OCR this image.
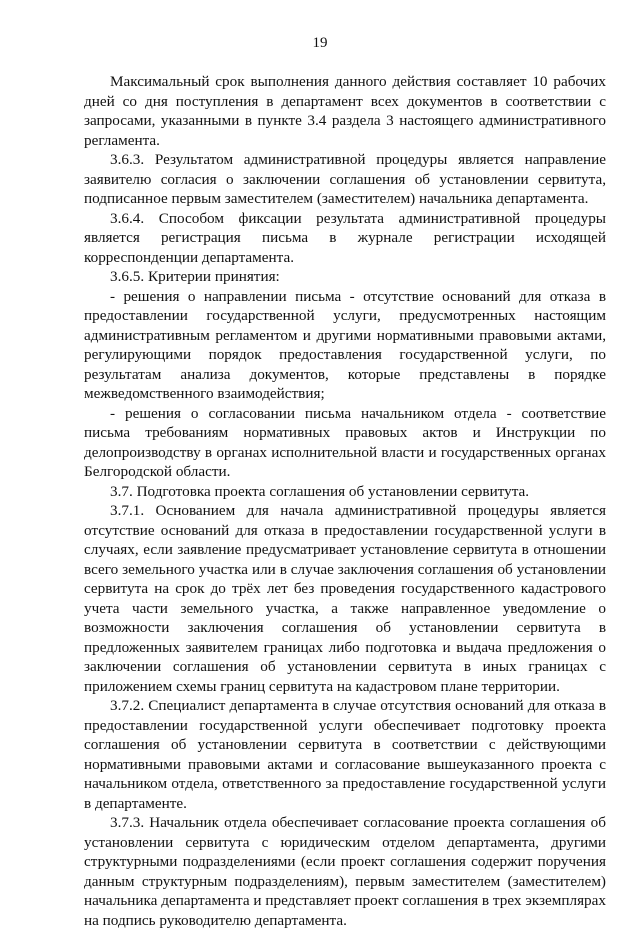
19

Максимальный срок выполнения данного действия составляет 10 рабочих дней со дня поступления в департамент всех документов в соответствии с запросами, указанными в пункте 3.4 раздела 3 настоящего административного регламента.

3.6.3. Результатом административной процедуры является направление заявителю согласия о заключении соглашения об установлении сервитута, подписанное первым заместителем (заместителем) начальника департамента.

3.6.4. Способом фиксации результата административной процедуры является регистрация письма в журнале регистрации исходящей корреспонденции департамента.

3.6.5. Критерии принятия:

- решения о направлении письма - отсутствие оснований для отказа в предоставлении государственной услуги, предусмотренных настоящим административным регламентом и другими нормативными правовыми актами, регулирующими порядок предоставления государственной услуги, по результатам анализа документов, которые представлены в порядке межведомственного взаимодействия;

- решения о согласовании письма начальником отдела - соответствие письма требованиям нормативных правовых актов и Инструкции по делопроизводству в органах исполнительной власти и государственных органах Белгородской области.

3.7. Подготовка проекта соглашения об установлении сервитута.

3.7.1. Основанием для начала административной процедуры является отсутствие оснований для отказа в предоставлении государственной услуги в случаях, если заявление предусматривает установление сервитута в отношении всего земельного участка или в случае заключения соглашения об установлении сервитута на срок до трёх лет без проведения государственного кадастрового учета части земельного участка, а также направленное уведомление о возможности заключения соглашения об установлении сервитута в предложенных заявителем границах либо подготовка и выдача предложения о заключении соглашения об установлении сервитута в иных границах с приложением схемы границ сервитута на кадастровом плане территории.

3.7.2. Специалист департамента в случае отсутствия оснований для отказа в предоставлении государственной услуги обеспечивает подготовку проекта соглашения об установлении сервитута в соответствии с действующими нормативными правовыми актами и согласование вышеуказанного проекта с начальником отдела, ответственного за предоставление государственной услуги в департаменте.

3.7.3. Начальник отдела обеспечивает согласование проекта соглашения об установлении сервитута с юридическим отделом департамента, другими структурными подразделениями (если проект соглашения содержит поручения данным структурным подразделениям), первым заместителем (заместителем) начальника департамента и представляет проект соглашения в трех экземплярах на подпись руководителю департамента.
